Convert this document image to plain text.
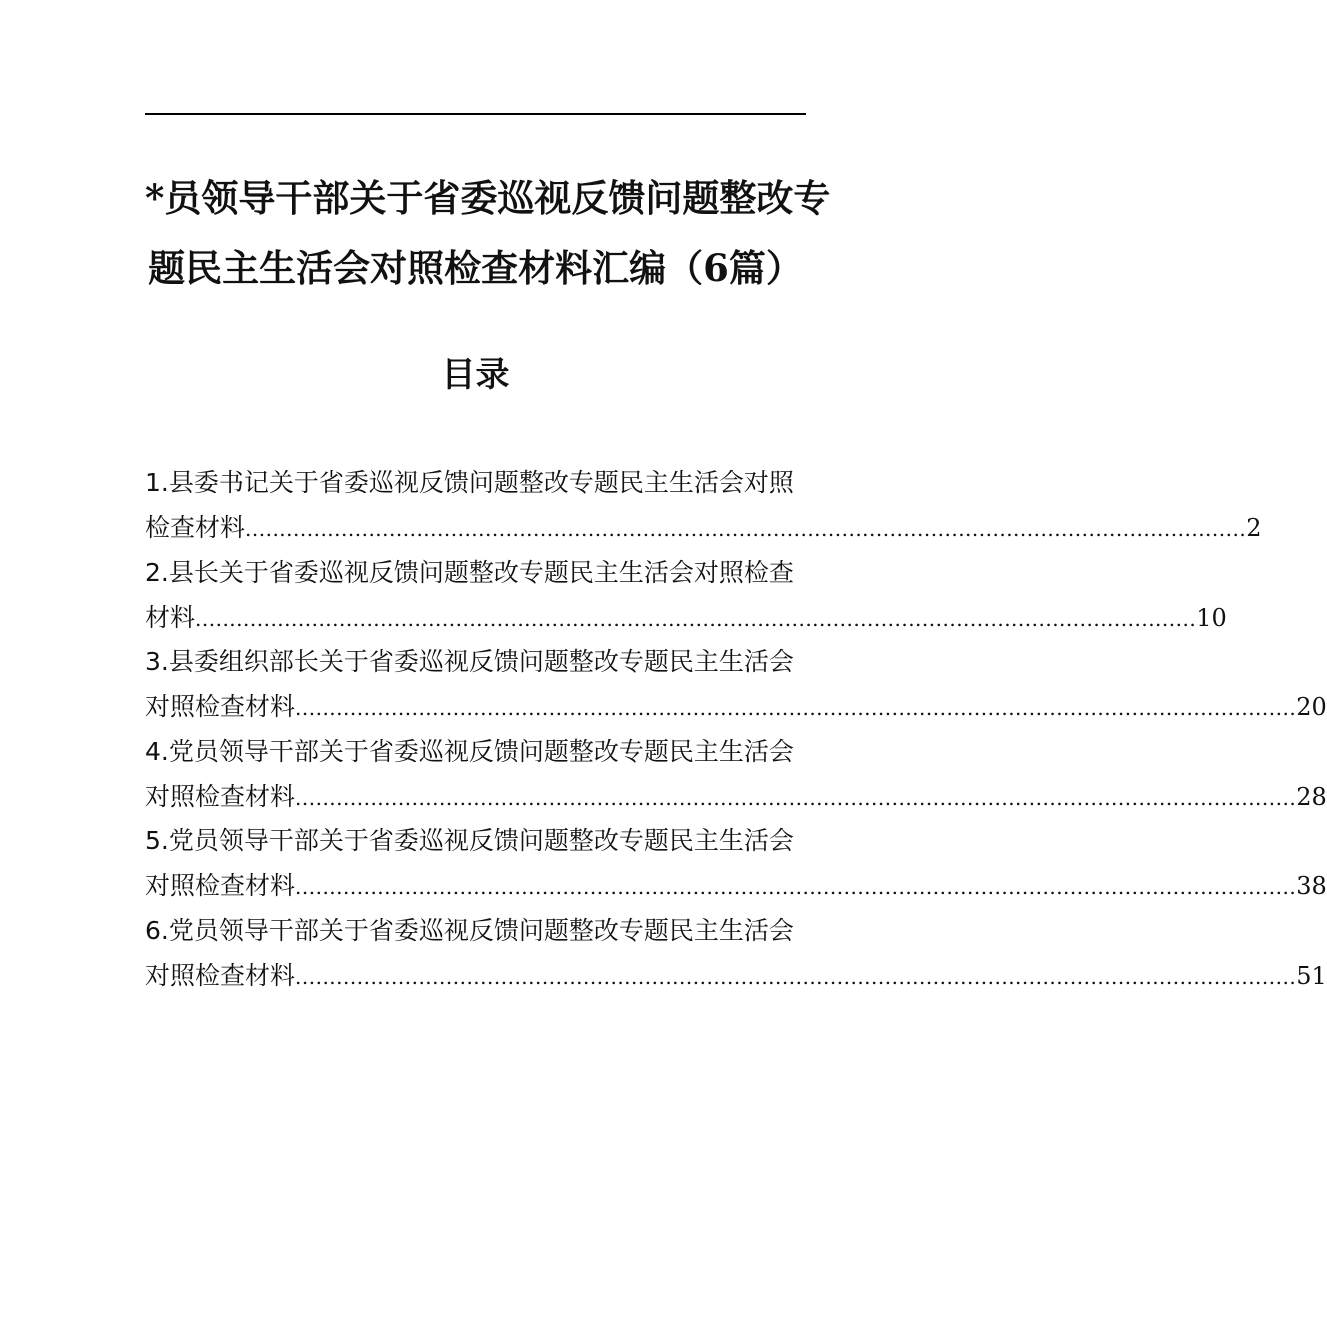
*员领导干部关于省委巡视反馈问题整改专
题民主生活会对照检查材料汇编（6篇）
目录
1.县委书记关于省委巡视反馈问题整改专题民主生活会对照
检查材料 .................................................................................................................................................. 2
2.县长关于省委巡视反馈问题整改专题民主生活会对照检查
材料 .................................................................................................................................................. 10
3.县委组织部长关于省委巡视反馈问题整改专题民主生活会
对照检查材料 .................................................................................................................................................. 20
4.党员领导干部关于省委巡视反馈问题整改专题民主生活会
对照检查材料 .................................................................................................................................................. 28
5.党员领导干部关于省委巡视反馈问题整改专题民主生活会
对照检查材料 .................................................................................................................................................. 38
6.党员领导干部关于省委巡视反馈问题整改专题民主生活会
对照检查材料 .................................................................................................................................................. 51
